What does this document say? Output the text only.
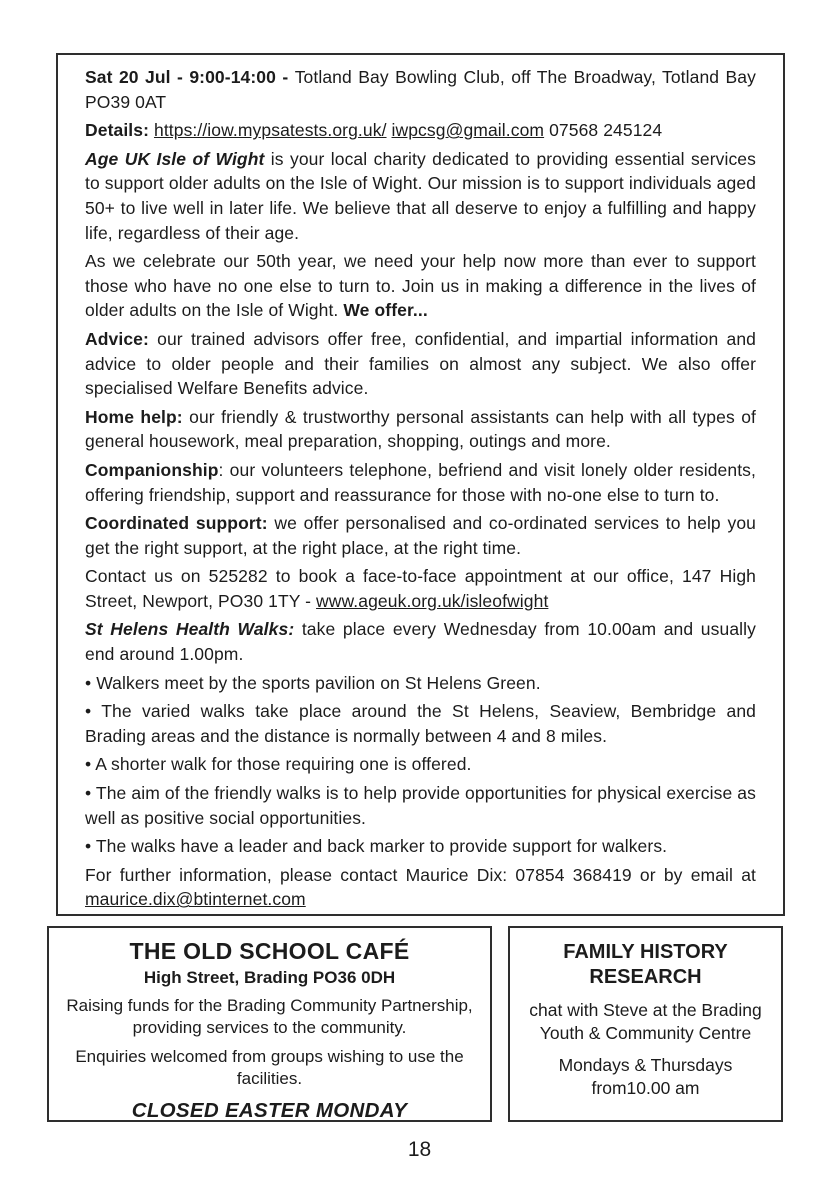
Sat 20 Jul - 9:00-14:00 - Totland Bay Bowling Club, off The Broadway, Totland Bay PO39 0AT

Details: https://iow.mypsatests.org.uk/ iwpcsg@gmail.com 07568 245124

Age UK Isle of Wight is your local charity dedicated to providing essential services to support older adults on the Isle of Wight. Our mission is to support individuals aged 50+ to live well in later life. We believe that all deserve to enjoy a fulfilling and happy life, regardless of their age.

As we celebrate our 50th year, we need your help now more than ever to support those who have no one else to turn to. Join us in making a difference in the lives of older adults on the Isle of Wight. We offer...

Advice: our trained advisors offer free, confidential, and impartial information and advice to older people and their families on almost any subject. We also offer specialised Welfare Benefits advice.

Home help: our friendly & trustworthy personal assistants can help with all types of general housework, meal preparation, shopping, outings and more.

Companionship: our volunteers telephone, befriend and visit lonely older residents, offering friendship, support and reassurance for those with no-one else to turn to.

Coordinated support: we offer personalised and co-ordinated services to help you get the right support, at the right place, at the right time.

Contact us on 525282 to book a face-to-face appointment at our office, 147 High Street, Newport, PO30 1TY - www.ageuk.org.uk/isleofwight

St Helens Health Walks: take place every Wednesday from 10.00am and usually end around 1.00pm.

• Walkers meet by the sports pavilion on St Helens Green.

• The varied walks take place around the St Helens, Seaview, Bembridge and Brading areas and the distance is normally between 4 and 8 miles.

• A shorter walk for those requiring one is offered.

• The aim of the friendly walks is to help provide opportunities for physical exercise as well as positive social opportunities.

• The walks have a leader and back marker to provide support for walkers.

For further information, please contact Maurice Dix: 07854 368419 or by email at maurice.dix@btinternet.com

THE OLD SCHOOL CAFÉ

High Street, Brading PO36 0DH

Raising funds for the Brading Community Partnership, providing services to the community.

Enquiries welcomed from groups wishing to use the facilities.

CLOSED EASTER MONDAY

FAMILY HISTORY RESEARCH

chat with Steve at the Brading Youth & Community Centre

Mondays & Thursdays from10.00 am

18
